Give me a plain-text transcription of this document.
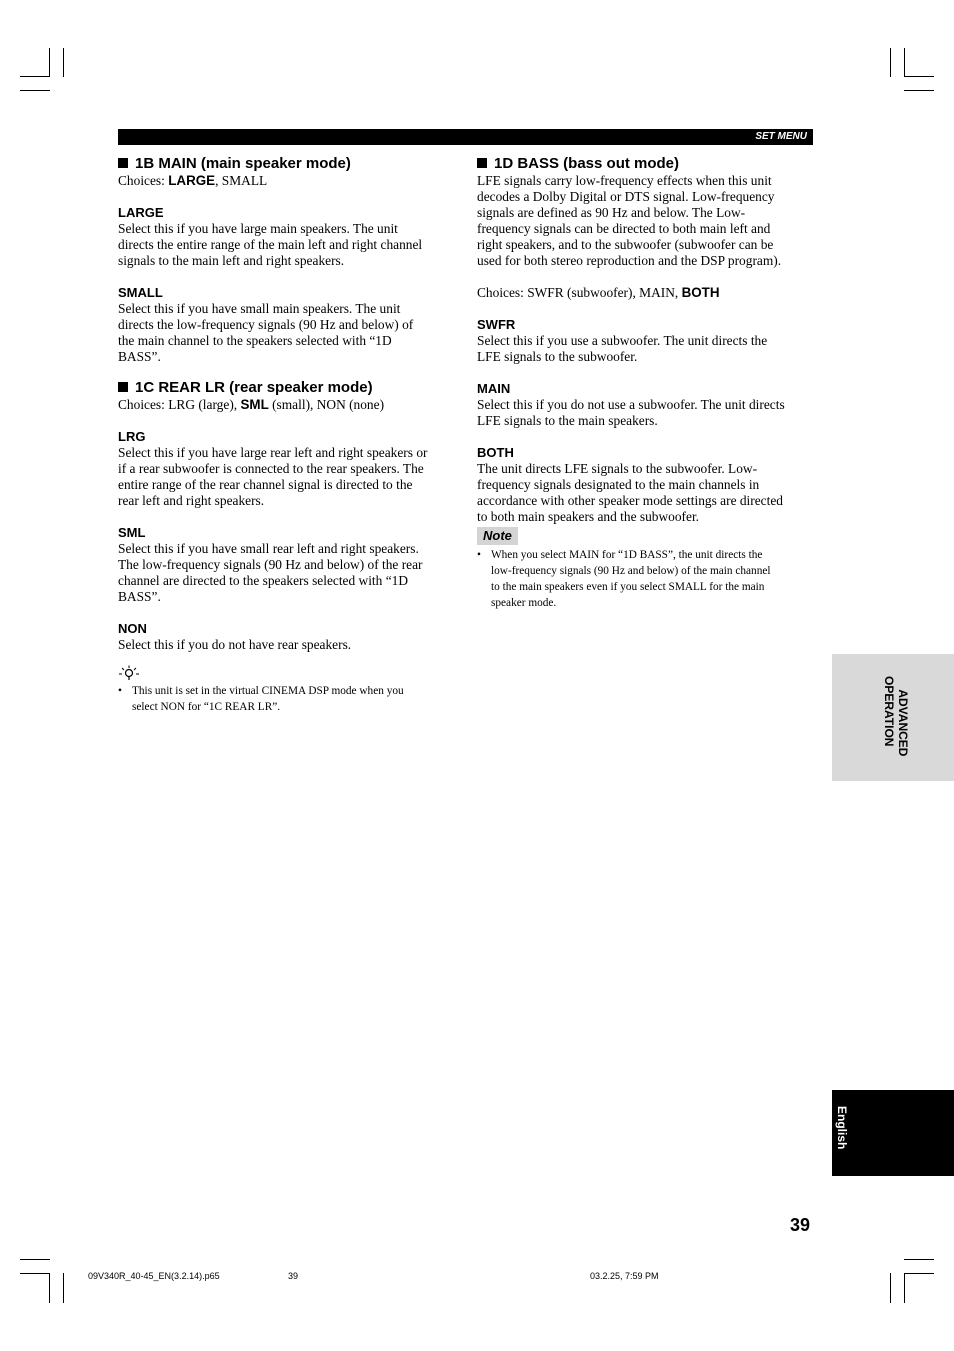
SET MENU

1B MAIN (main speaker mode)

Choices: LARGE, SMALL

LARGE

Select this if you have large main speakers. The unit

directs the entire range of the main left and right channel

signals to the main left and right speakers.

SMALL

Select this if you have small main speakers. The unit

directs the low-frequency signals (90 Hz and below) of

the main channel to the speakers selected with “1D

BASS”.

1C REAR LR (rear speaker mode)

Choices: LRG (large), SML (small), NON (none)

LRG

Select this if you have large rear left and right speakers or

if a rear subwoofer is connected to the rear speakers. The

entire range of the rear channel signal is directed to the

rear left and right speakers.

SML

Select this if you have small rear left and right speakers.

The low-frequency signals (90 Hz and below) of the rear

channel are directed to the speakers selected with “1D

BASS”.

NON

Select this if you do not have rear speakers.

• This unit is set in the virtual CINEMA DSP mode when you

select NON for “1C REAR LR”.

1D BASS (bass out mode)

LFE signals carry low-frequency effects when this unit

decodes a Dolby Digital or DTS signal. Low-frequency

signals are defined as 90 Hz and below. The Low-

frequency signals can be directed to both main left and

right speakers, and to the subwoofer (subwoofer can be

used for both stereo reproduction and the DSP program).

Choices: SWFR (subwoofer), MAIN, BOTH

SWFR

Select this if you use a subwoofer. The unit directs the

LFE signals to the subwoofer.

MAIN

Select this if you do not use a subwoofer. The unit directs

LFE signals to the main speakers.

BOTH

The unit directs LFE signals to the subwoofer. Low-

frequency signals designated to the main channels in

accordance with other speaker mode settings are directed

to both main speakers and the subwoofer.

Note
• When you select MAIN for “1D BASS”, the unit directs the

low-frequency signals (90 Hz and below) of the main channel

to the main speakers even if you select SMALL for the main

speaker mode.

ADVANCED
OPERATION

English
39
09V340R_40-45_EN(3.2.14).p65	39	03.2.25, 7:59 PM
